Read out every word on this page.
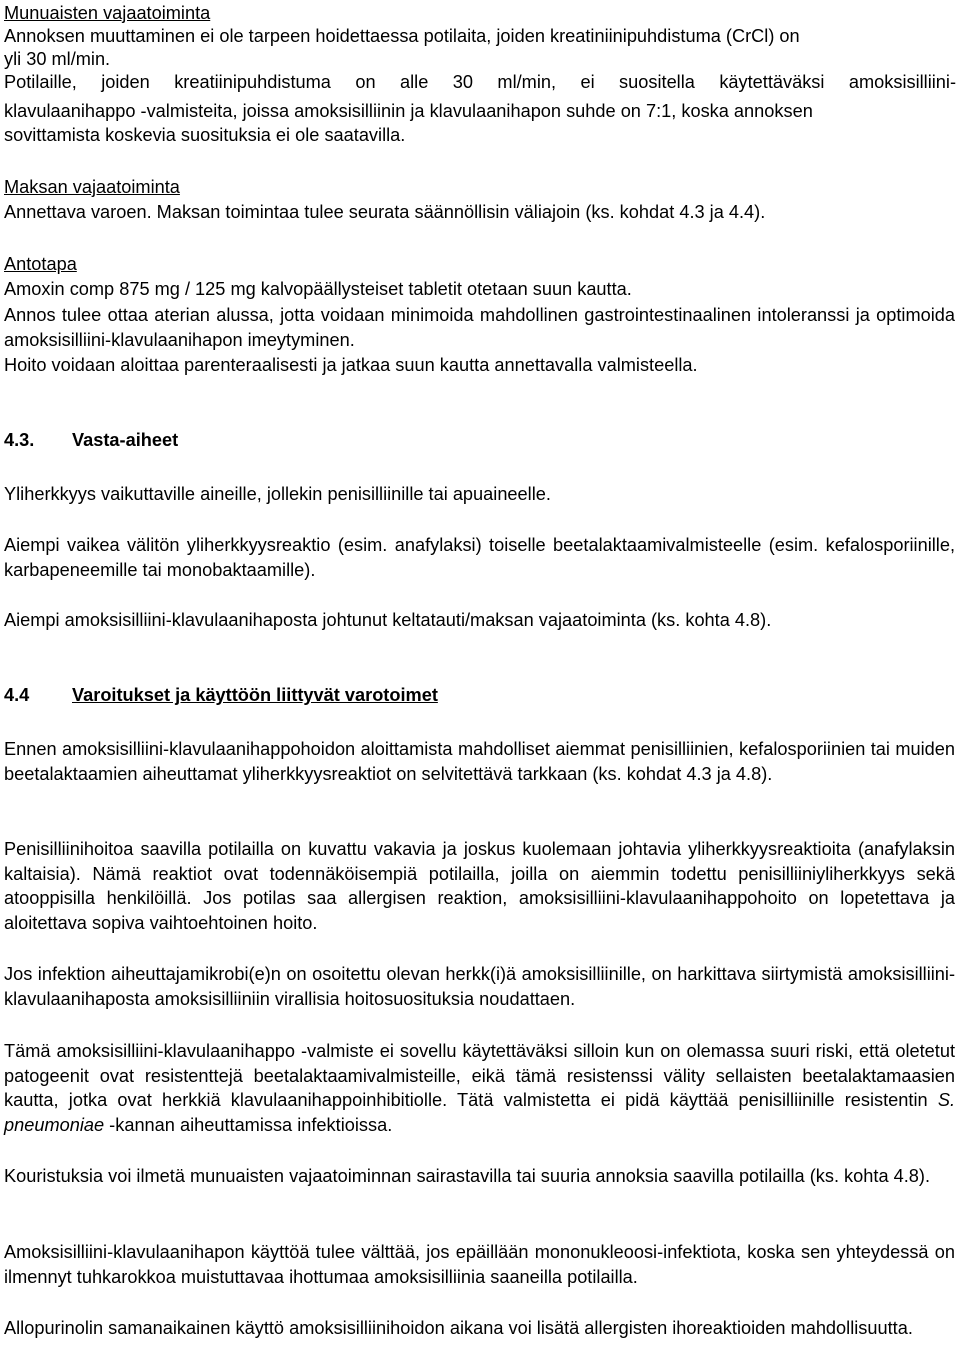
Munuaisten vajaatoiminta

Annoksen muuttaminen ei ole tarpeen hoidettaessa potilaita, joiden kreatiniinipuhdistuma (CrCl) on

yli 30 ml/min.

Potilaille, joiden kreatiinipuhdistuma on alle 30 ml/min, ei suositella käytettäväksi amoksisilliini-

klavulaanihappo -valmisteita, joissa amoksisilliinin ja klavulaanihapon suhde on 7:1, koska annoksen

sovittamista koskevia suosituksia ei ole saatavilla.

Maksan vajaatoiminta

Annettava varoen. Maksan toimintaa tulee seurata säännöllisin väliajoin (ks. kohdat 4.3 ja 4.4).

Antotapa

Amoxin comp 875 mg / 125 mg kalvopäällysteiset tabletit otetaan suun kautta.

Annos tulee ottaa aterian alussa, jotta voidaan minimoida mahdollinen gastrointestinaalinen intoleranssi ja optimoida amoksisilliini-klavulaanihapon imeytyminen.

Hoito voidaan aloittaa parenteraalisesti ja jatkaa suun kautta annettavalla valmisteella.

4.3. Vasta-aiheet

Yliherkkyys vaikuttaville aineille, jollekin penisilliinille tai apuaineelle.

Aiempi vaikea välitön yliherkkyysreaktio (esim. anafylaksi) toiselle beetalaktaamivalmisteelle (esim. kefalosporiinille, karbapeneemille tai monobaktaamille).

Aiempi amoksisilliini-klavulaanihaposta johtunut keltatauti/maksan vajaatoiminta (ks. kohta 4.8).

4.4 Varoitukset ja käyttöön liittyvät varotoimet

Ennen amoksisilliini-klavulaanihappohoidon aloittamista mahdolliset aiemmat penisilliinien, kefalosporiinien tai muiden beetalaktaamien aiheuttamat yliherkkyysreaktiot on selvitettävä tarkkaan (ks. kohdat 4.3 ja 4.8).

Penisilliinihoitoa saavilla potilailla on kuvattu vakavia ja joskus kuolemaan johtavia yliherkkyysreaktioita (anafylaksin kaltaisia). Nämä reaktiot ovat todennäköisempiä potilailla, joilla on aiemmin todettu penisilliiniyliherkkyys sekä atooppisilla henkilöillä. Jos potilas saa allergisen reaktion, amoksisilliini-klavulaanihappohoito on lopetettava ja aloitettava sopiva vaihtoehtoinen hoito.

Jos infektion aiheuttajamikrobi(e)n on osoitettu olevan herkk(i)ä amoksisilliinille, on harkittava siirtymistä amoksisilliini-klavulaanihaposta amoksisilliiniin virallisia hoitosuosituksia noudattaen.

Tämä amoksisilliini-klavulaanihappo -valmiste ei sovellu käytettäväksi silloin kun on olemassa suuri riski, että oletetut patogeenit ovat resistenttejä beetalaktaamivalmisteille, eikä tämä resistenssi välity sellaisten beetalaktamaasien kautta, jotka ovat herkkiä klavulaanihappoinhibitiolle. Tätä valmistetta ei pidä käyttää penisilliinille resistentin S. pneumoniae -kannan aiheuttamissa infektioissa.

Kouristuksia voi ilmetä munuaisten vajaatoiminnan sairastavilla tai suuria annoksia saavilla potilailla (ks. kohta 4.8).

Amoksisilliini-klavulaanihapon käyttöä tulee välttää, jos epäillään mononukleoosi-infektiota, koska sen yhteydessä on ilmennyt tuhkarokkoa muistuttavaa ihottumaa amoksisilliinia saaneilla potilailla.

Allopurinolin samanaikainen käyttö amoksisilliinihoidon aikana voi lisätä allergisten ihoreaktioiden mahdollisuutta.
